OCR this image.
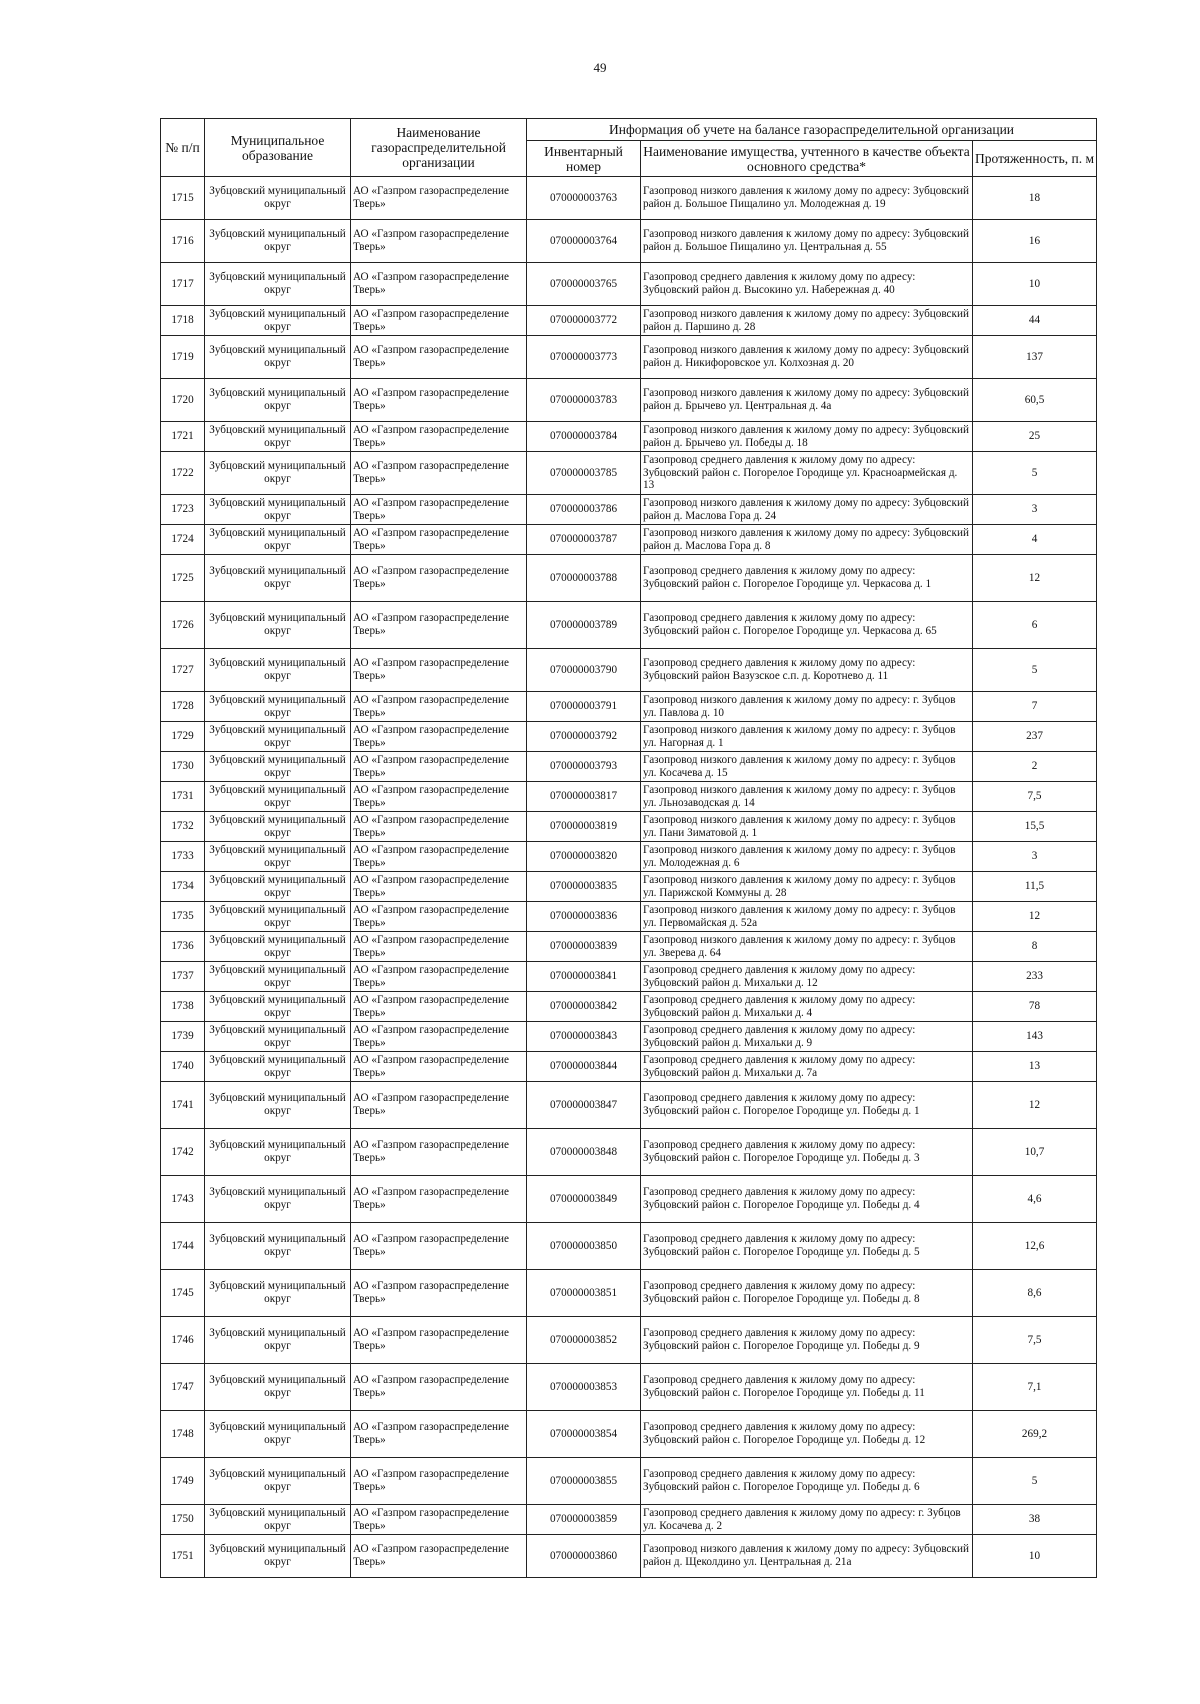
49
№ п/п	Муниципальное образование	Наименование газораспределительной организации	Информация об учете на балансе газораспределительной организации		
			Инвентарный номер	Наименование имущества, учтенного в качестве объекта основного средства*	Протяженность, п. м
1715	Зубцовский муниципальный округ	АО «Газпром газораспределение Тверь»	070000003763	Газопровод низкого давления к жилому дому по адресу: Зубцовский район д. Большое Пищалино ул. Молодежная д. 19	18
1716	Зубцовский муниципальный округ	АО «Газпром газораспределение Тверь»	070000003764	Газопровод низкого давления к жилому дому по адресу: Зубцовский район д. Большое Пищалино ул. Центральная д. 55	16
1717	Зубцовский муниципальный округ	АО «Газпром газораспределение Тверь»	070000003765	Газопровод среднего давления к жилому дому по адресу: Зубцовский район д. Высокино ул. Набережная д. 40	10
1718	Зубцовский муниципальный округ	АО «Газпром газораспределение Тверь»	070000003772	Газопровод низкого давления к жилому дому по адресу: Зубцовский район д. Паршино д. 28	44
1719	Зубцовский муниципальный округ	АО «Газпром газораспределение Тверь»	070000003773	Газопровод низкого давления к жилому дому по адресу: Зубцовский район д. Никифоровское ул. Колхозная д. 20	137
1720	Зубцовский муниципальный округ	АО «Газпром газораспределение Тверь»	070000003783	Газопровод низкого давления к жилому дому по адресу: Зубцовский район д. Брычево ул. Центральная д. 4а	60,5
1721	Зубцовский муниципальный округ	АО «Газпром газораспределение Тверь»	070000003784	Газопровод низкого давления к жилому дому по адресу: Зубцовский район д. Брычево ул. Победы д. 18	25
1722	Зубцовский муниципальный округ	АО «Газпром газораспределение Тверь»	070000003785	Газопровод среднего давления к жилому дому по адресу: Зубцовский район с. Погорелое Городище ул. Красноармейская д. 13	5
1723	Зубцовский муниципальный округ	АО «Газпром газораспределение Тверь»	070000003786	Газопровод низкого давления к жилому дому по адресу: Зубцовский район д. Маслова Гора д. 24	3
1724	Зубцовский муниципальный округ	АО «Газпром газораспределение Тверь»	070000003787	Газопровод низкого давления к жилому дому по адресу: Зубцовский район д. Маслова Гора д. 8	4
1725	Зубцовский муниципальный округ	АО «Газпром газораспределение Тверь»	070000003788	Газопровод среднего давления к жилому дому по адресу: Зубцовский район с. Погорелое Городище ул. Черкасова д. 1	12
1726	Зубцовский муниципальный округ	АО «Газпром газораспределение Тверь»	070000003789	Газопровод среднего давления к жилому дому по адресу: Зубцовский район с. Погорелое Городище ул. Черкасова д. 65	6
1727	Зубцовский муниципальный округ	АО «Газпром газораспределение Тверь»	070000003790	Газопровод среднего давления к жилому дому по адресу: Зубцовский район Вазузское с.п. д. Коротнево д. 11	5
1728	Зубцовский муниципальный округ	АО «Газпром газораспределение Тверь»	070000003791	Газопровод низкого давления к жилому дому по адресу: г. Зубцов ул. Павлова д. 10	7
1729	Зубцовский муниципальный округ	АО «Газпром газораспределение Тверь»	070000003792	Газопровод низкого давления к жилому дому по адресу: г. Зубцов ул. Нагорная д. 1	237
1730	Зубцовский муниципальный округ	АО «Газпром газораспределение Тверь»	070000003793	Газопровод низкого давления к жилому дому по адресу: г. Зубцов ул. Косачева д. 15	2
1731	Зубцовский муниципальный округ	АО «Газпром газораспределение Тверь»	070000003817	Газопровод низкого давления к жилому дому по адресу: г. Зубцов ул. Льнозаводская д. 14	7,5
1732	Зубцовский муниципальный округ	АО «Газпром газораспределение Тверь»	070000003819	Газопровод низкого давления к жилому дому по адресу: г. Зубцов ул. Пани Зиматовой д. 1	15,5
1733	Зубцовский муниципальный округ	АО «Газпром газораспределение Тверь»	070000003820	Газопровод низкого давления к жилому дому по адресу: г. Зубцов ул. Молодежная д. 6	3
1734	Зубцовский муниципальный округ	АО «Газпром газораспределение Тверь»	070000003835	Газопровод низкого давления к жилому дому по адресу: г. Зубцов ул. Парижской Коммуны д. 28	11,5
1735	Зубцовский муниципальный округ	АО «Газпром газораспределение Тверь»	070000003836	Газопровод низкого давления к жилому дому по адресу: г. Зубцов ул. Первомайская д. 52а	12
1736	Зубцовский муниципальный округ	АО «Газпром газораспределение Тверь»	070000003839	Газопровод низкого давления к жилому дому по адресу: г. Зубцов ул. Зверева д. 64	8
1737	Зубцовский муниципальный округ	АО «Газпром газораспределение Тверь»	070000003841	Газопровод среднего давления к жилому дому по адресу: Зубцовский район д. Михальки д. 12	233
1738	Зубцовский муниципальный округ	АО «Газпром газораспределение Тверь»	070000003842	Газопровод среднего давления к жилому дому по адресу: Зубцовский район д. Михальки д. 4	78
1739	Зубцовский муниципальный округ	АО «Газпром газораспределение Тверь»	070000003843	Газопровод среднего давления к жилому дому по адресу: Зубцовский район д. Михальки д. 9	143
1740	Зубцовский муниципальный округ	АО «Газпром газораспределение Тверь»	070000003844	Газопровод среднего давления к жилому дому по адресу: Зубцовский район д. Михальки д. 7а	13
1741	Зубцовский муниципальный округ	АО «Газпром газораспределение Тверь»	070000003847	Газопровод среднего давления к жилому дому по адресу: Зубцовский район с. Погорелое Городище ул. Победы д. 1	12
1742	Зубцовский муниципальный округ	АО «Газпром газораспределение Тверь»	070000003848	Газопровод среднего давления к жилому дому по адресу: Зубцовский район с. Погорелое Городище ул. Победы д. 3	10,7
1743	Зубцовский муниципальный округ	АО «Газпром газораспределение Тверь»	070000003849	Газопровод среднего давления к жилому дому по адресу: Зубцовский район с. Погорелое Городище ул. Победы д. 4	4,6
1744	Зубцовский муниципальный округ	АО «Газпром газораспределение Тверь»	070000003850	Газопровод среднего давления к жилому дому по адресу: Зубцовский район с. Погорелое Городище ул. Победы д. 5	12,6
1745	Зубцовский муниципальный округ	АО «Газпром газораспределение Тверь»	070000003851	Газопровод среднего давления к жилому дому по адресу: Зубцовский район с. Погорелое Городище ул. Победы д. 8	8,6
1746	Зубцовский муниципальный округ	АО «Газпром газораспределение Тверь»	070000003852	Газопровод среднего давления к жилому дому по адресу: Зубцовский район с. Погорелое Городище ул. Победы д. 9	7,5
1747	Зубцовский муниципальный округ	АО «Газпром газораспределение Тверь»	070000003853	Газопровод среднего давления к жилому дому по адресу: Зубцовский район с. Погорелое Городище ул. Победы д. 11	7,1
1748	Зубцовский муниципальный округ	АО «Газпром газораспределение Тверь»	070000003854	Газопровод среднего давления к жилому дому по адресу: Зубцовский район с. Погорелое Городище ул. Победы д. 12	269,2
1749	Зубцовский муниципальный округ	АО «Газпром газораспределение Тверь»	070000003855	Газопровод среднего давления к жилому дому по адресу: Зубцовский район с. Погорелое Городище ул. Победы д. 6	5
1750	Зубцовский муниципальный округ	АО «Газпром газораспределение Тверь»	070000003859	Газопровод среднего давления к жилому дому по адресу: г. Зубцов ул. Косачева д. 2	38
1751	Зубцовский муниципальный округ	АО «Газпром газораспределение Тверь»	070000003860	Газопровод низкого давления к жилому дому по адресу: Зубцовский район д. Щеколдино ул. Центральная д. 21а	10
